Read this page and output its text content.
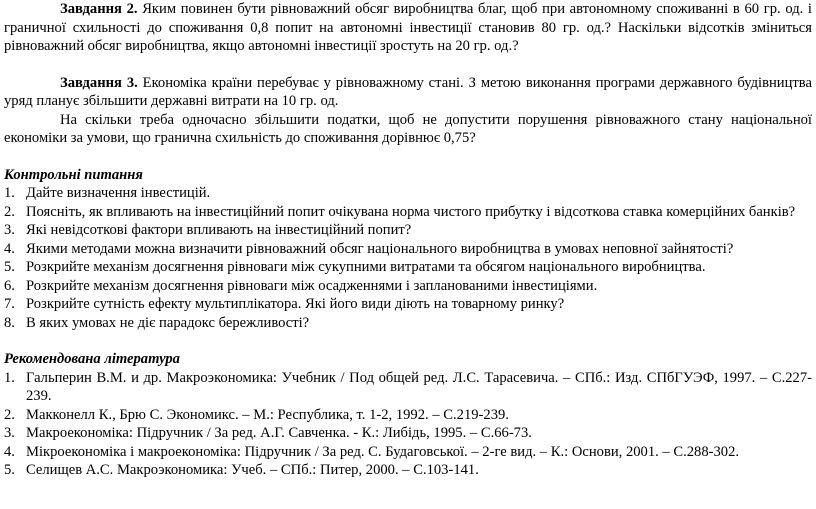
Завдання 2. Яким повинен бути рівноважний обсяг виробництва благ, щоб при автономному споживанні в 60 гр. од. і граничної схильності до споживання 0,8 попит на автономні інвестиції становив 80 гр. од.? Наскільки відсотків зміниться рівноважний обсяг виробництва, якщо автономні інвестиції зростуть на 20 гр. од.?

Завдання 3. Економіка країни перебуває у рівноважному стані. З метою виконання програми державного будівництва уряд планує збільшити державні витрати на 10 гр. од.

На скільки треба одночасно збільшити податки, щоб не допустити порушення рівноважного стану національної економіки за умови, що гранична схильність до споживання дорівнює 0,75?

Контрольні питання

1. Дайте визначення інвестицій.
2. Поясніть, як впливають на інвестиційний попит очікувана норма чистого прибутку і відсоткова ставка комерційних банків?
3. Які невідсоткові фактори впливають на інвестиційний попит?
4. Якими методами можна визначити рівноважний обсяг національного виробництва в умовах неповної зайнятості?
5. Розкрийте механізм досягнення рівноваги між сукупними витратами та обсягом національного виробництва.
6. Розкрийте механізм досягнення рівноваги між осадженнями і запланованими інвестиціями.
7. Розкрийте сутність ефекту мультиплікатора. Які його види діють на товарному ринку?
8. В яких умовах не діє парадокс бережливості?

Рекомендована література

1. Гальперин В.М. и др. Макроэкономика: Учебник / Под общей ред. Л.С. Тарасевича. – СПб.: Изд. СПбГУЭФ, 1997. – С.227-239.
2. Макконелл К., Брю С. Экономикс. – М.: Республика, т. 1-2, 1992. – С.219-239.
3. Макроекономіка: Підручник / За ред. А.Г. Савченка. - К.: Либідь, 1995. – С.66-73.
4. Мікроекономіка і макроекономіка: Підручник / За ред. С. Будаговської. – 2-ге вид. – К.: Основи, 2001. – С.288-302.
5. Селищев А.С. Макроэкономика: Учеб. – СПб.: Питер, 2000. – С.103-141.
